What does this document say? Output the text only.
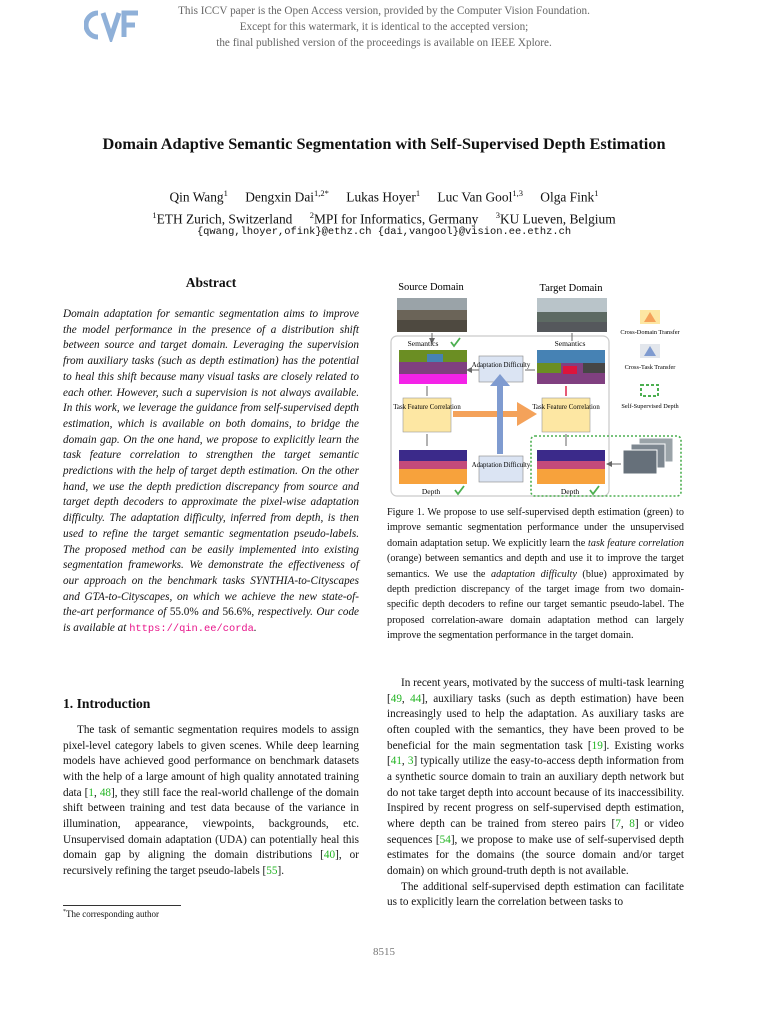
This ICCV paper is the Open Access version, provided by the Computer Vision Foundation.
Except for this watermark, it is identical to the accepted version;
the final published version of the proceedings is available on IEEE Xplore.
Domain Adaptive Semantic Segmentation with Self-Supervised Depth Estimation
Qin Wang$^1$ Dengxin Dai$^{1,2*}$ Lukas Hoyer$^1$ Luc Van Gool$^{1,3}$ Olga Fink$^1$
$^1$ETH Zurich, Switzerland $^2$MPI for Informatics, Germany $^3$KU Lueven, Belgium
{qwang,lhoyer,ofink}@ethz.ch {dai,vangool}@vision.ee.ethz.ch
Abstract
Domain adaptation for semantic segmentation aims to improve the model performance in the presence of a distribution shift between source and target domain. Leveraging the supervision from auxiliary tasks (such as depth estimation) has the potential to heal this shift because many visual tasks are closely related to each other. However, such a supervision is not always available. In this work, we leverage the guidance from self-supervised depth estimation, which is available on both domains, to bridge the domain gap. On the one hand, we propose to explicitly learn the task feature correlation to strengthen the target semantic predictions with the help of target depth estimation. On the other hand, we use the depth prediction discrepancy from source and target depth decoders to approximate the pixel-wise adaptation difficulty. The adaptation difficulty, inferred from depth, is then used to refine the target semantic segmentation pseudo-labels. The proposed method can be easily implemented into existing segmentation frameworks. We demonstrate the effectiveness of our approach on the benchmark tasks SYNTHIA-to-Cityscapes and GTA-to-Cityscapes, on which we achieve the new state-of-the-art performance of 55.0% and 56.6%, respectively. Our code is available at https://qin.ee/corda.
Source Domain	Target Domain
Cross-Domain Transfer
Cross-Task Transfer
Self-Supervised Depth
Semantics	Semantics
Adaptation Difficulty
Task Feature Correlation	Task Feature Correlation
Adaptation Difficulty
Depth	Depth
Figure 1. We propose to use self-supervised depth estimation (green) to improve semantic segmentation performance under the unsupervised domain adaptation setup. We explicitly learn the task feature correlation (orange) between semantics and depth and use it to improve the target semantics. We use the adaptation difficulty (blue) approximated by depth prediction discrepancy of the target image from two domain-specific depth decoders to refine our target semantic pseudo-label. The proposed correlation-aware domain adaptation method can largely improve the segmentation performance in the target domain.
1. Introduction
The task of semantic segmentation requires models to assign pixel-level category labels to given scenes. While deep learning models have achieved good performance on benchmark datasets with the help of a large amount of high quality annotated training data [1, 48], they still face the real-world challenge of the domain shift between training and test data because of the variance in illumination, appearance, viewpoints, backgrounds, etc. Unsupervised domain adaptation (UDA) can potentially heal this domain gap by aligning the domain distributions [40], or recursively refining the target pseudo-labels [55].
*The corresponding author

In recent years, motivated by the success of multi-task learning [49, 44], auxiliary tasks (such as depth estimation) have been increasingly used to help the adaptation. As auxiliary tasks are often coupled with the semantics, they have been proved to be beneficial for the main segmentation task [19]. Existing works [41, 3] typically utilize the easy-to-access depth information from a synthetic source domain to train an auxiliary depth network but do not take target depth into account because of its inaccessibility. Inspired by recent progress on self-supervised depth estimation, where depth can be trained from stereo pairs [7, 8] or video sequences [54], we propose to make use of self-supervised depth estimates for the domains (the source domain and/or target domain) on which ground-truth depth is not available.

The additional self-supervised depth estimation can facilitate us to explicitly learn the correlation between tasks to

8515
